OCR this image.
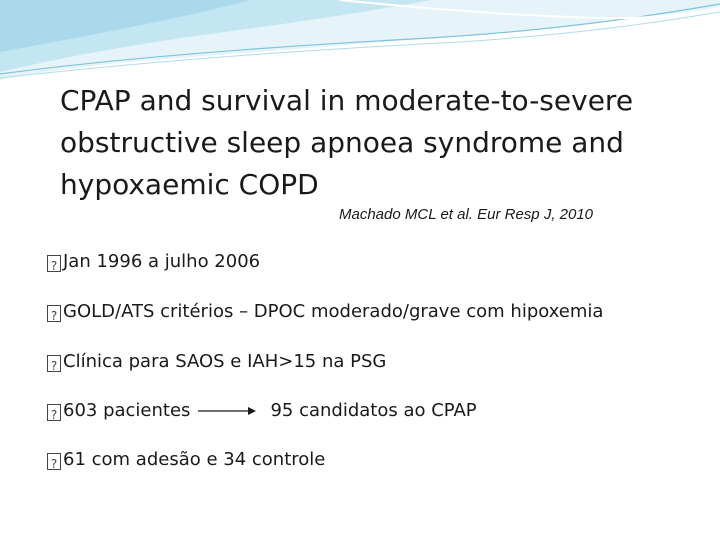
CPAP and survival in moderate-to-severe
obstructive sleep apnoea syndrome and
hypoxaemic COPD
Machado MCL et al. Eur Resp J, 2010
?
Jan 1996 a julho 2006
?
GOLD/ATS critérios – DPOC moderado/grave com hipoxemia
?
Clínica para SAOS e IAH>15 na PSG
?
603 pacientes	95 candidatos ao CPAP
?
61 com adesão e 34 controle
